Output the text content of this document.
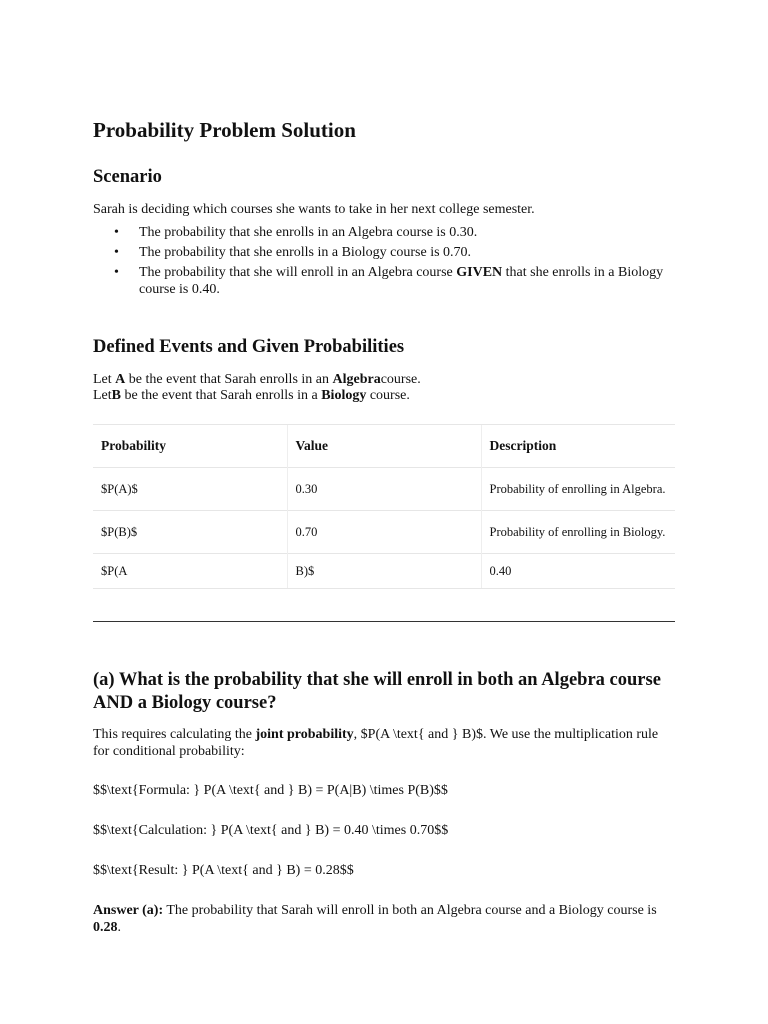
Probability Problem Solution
Scenario

Sarah is deciding which courses she wants to take in her next college semester.

• The probability that she enrolls in an Algebra course is 0.30.
• The probability that she enrolls in a Biology course is 0.70.
• The probability that she will enroll in an Algebra course GIVEN that she enrolls in a Biology course is 0.40.
Defined Events and Given Probabilities

Let A be the event that Sarah enrolls in an Algebracourse.

LetB be the event that Sarah enrolls in a Biology course.

Probability	Value	Description
$P(A)$	0.30	Probability of enrolling in Algebra.
$P(B)$	0.70	Probability of enrolling in Biology.
$P(A	B)$	0.40
(a) What is the probability that she will enroll in both an Algebra course AND a Biology course?

This requires calculating the joint probability, $P(A \text{ and } B)$. We use the multiplication rule for conditional probability:

$$\text{Formula: } P(A \text{ and } B) = P(A|B) \times P(B)$$

$$\text{Calculation: } P(A \text{ and } B) = 0.40 \times 0.70$$

$$\text{Result: } P(A \text{ and } B) = 0.28$$

Answer (a): The probability that Sarah will enroll in both an Algebra course and a Biology course is 0.28.
